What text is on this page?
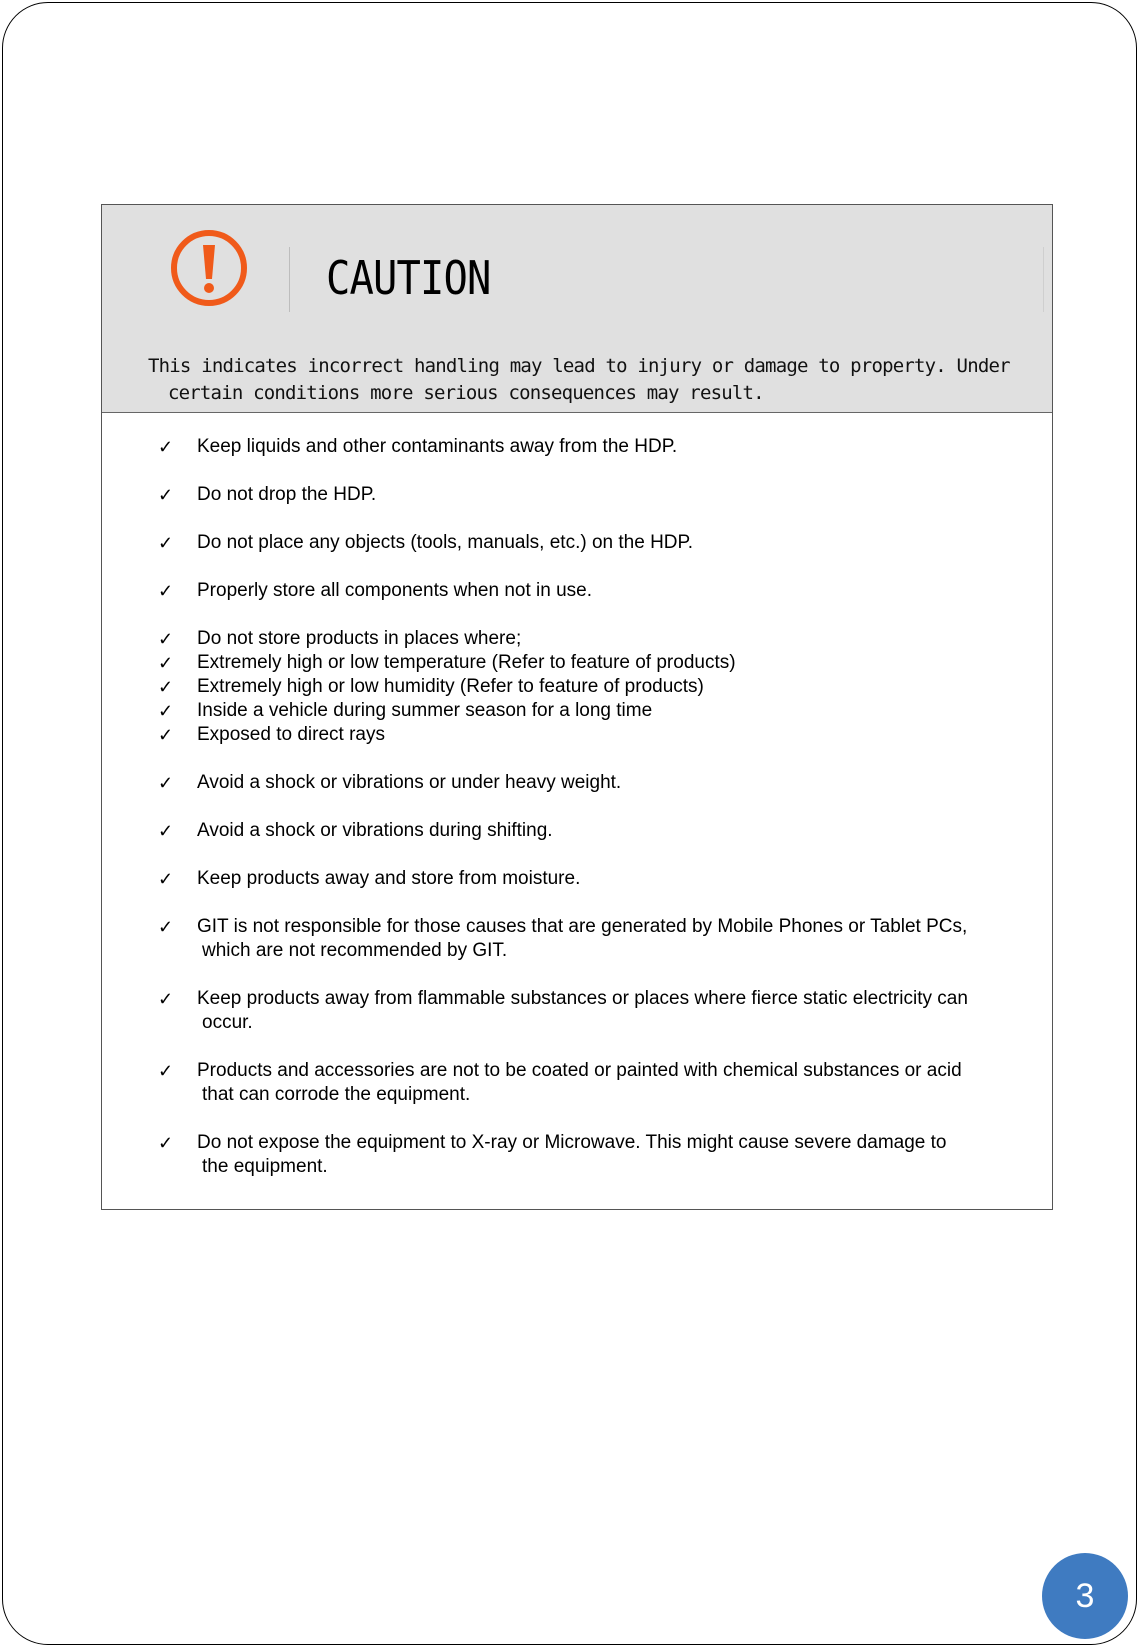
CAUTION
This indicates incorrect handling may lead to injury or damage to property. Under
certain conditions more serious consequences may result.
✓ Keep liquids and other contaminants away from the HDP.
✓ Do not drop the HDP.
✓ Do not place any objects (tools, manuals, etc.) on the HDP.
✓ Properly store all components when not in use.
✓ Do not store products in places where;
✓ Extremely high or low temperature (Refer to feature of products)
✓ Extremely high or low humidity (Refer to feature of products)
✓ Inside a vehicle during summer season for a long time
✓ Exposed to direct rays
✓ Avoid a shock or vibrations or under heavy weight.
✓ Avoid a shock or vibrations during shifting.
✓ Keep products away and store from moisture.
✓ GIT is not responsible for those causes that are generated by Mobile Phones or Tablet PCs,
which are not recommended by GIT.
✓ Keep products away from flammable substances or places where fierce static electricity can
occur.
✓ Products and accessories are not to be coated or painted with chemical substances or acid
that can corrode the equipment.
✓ Do not expose the equipment to X-ray or Microwave. This might cause severe damage to
the equipment.
3
